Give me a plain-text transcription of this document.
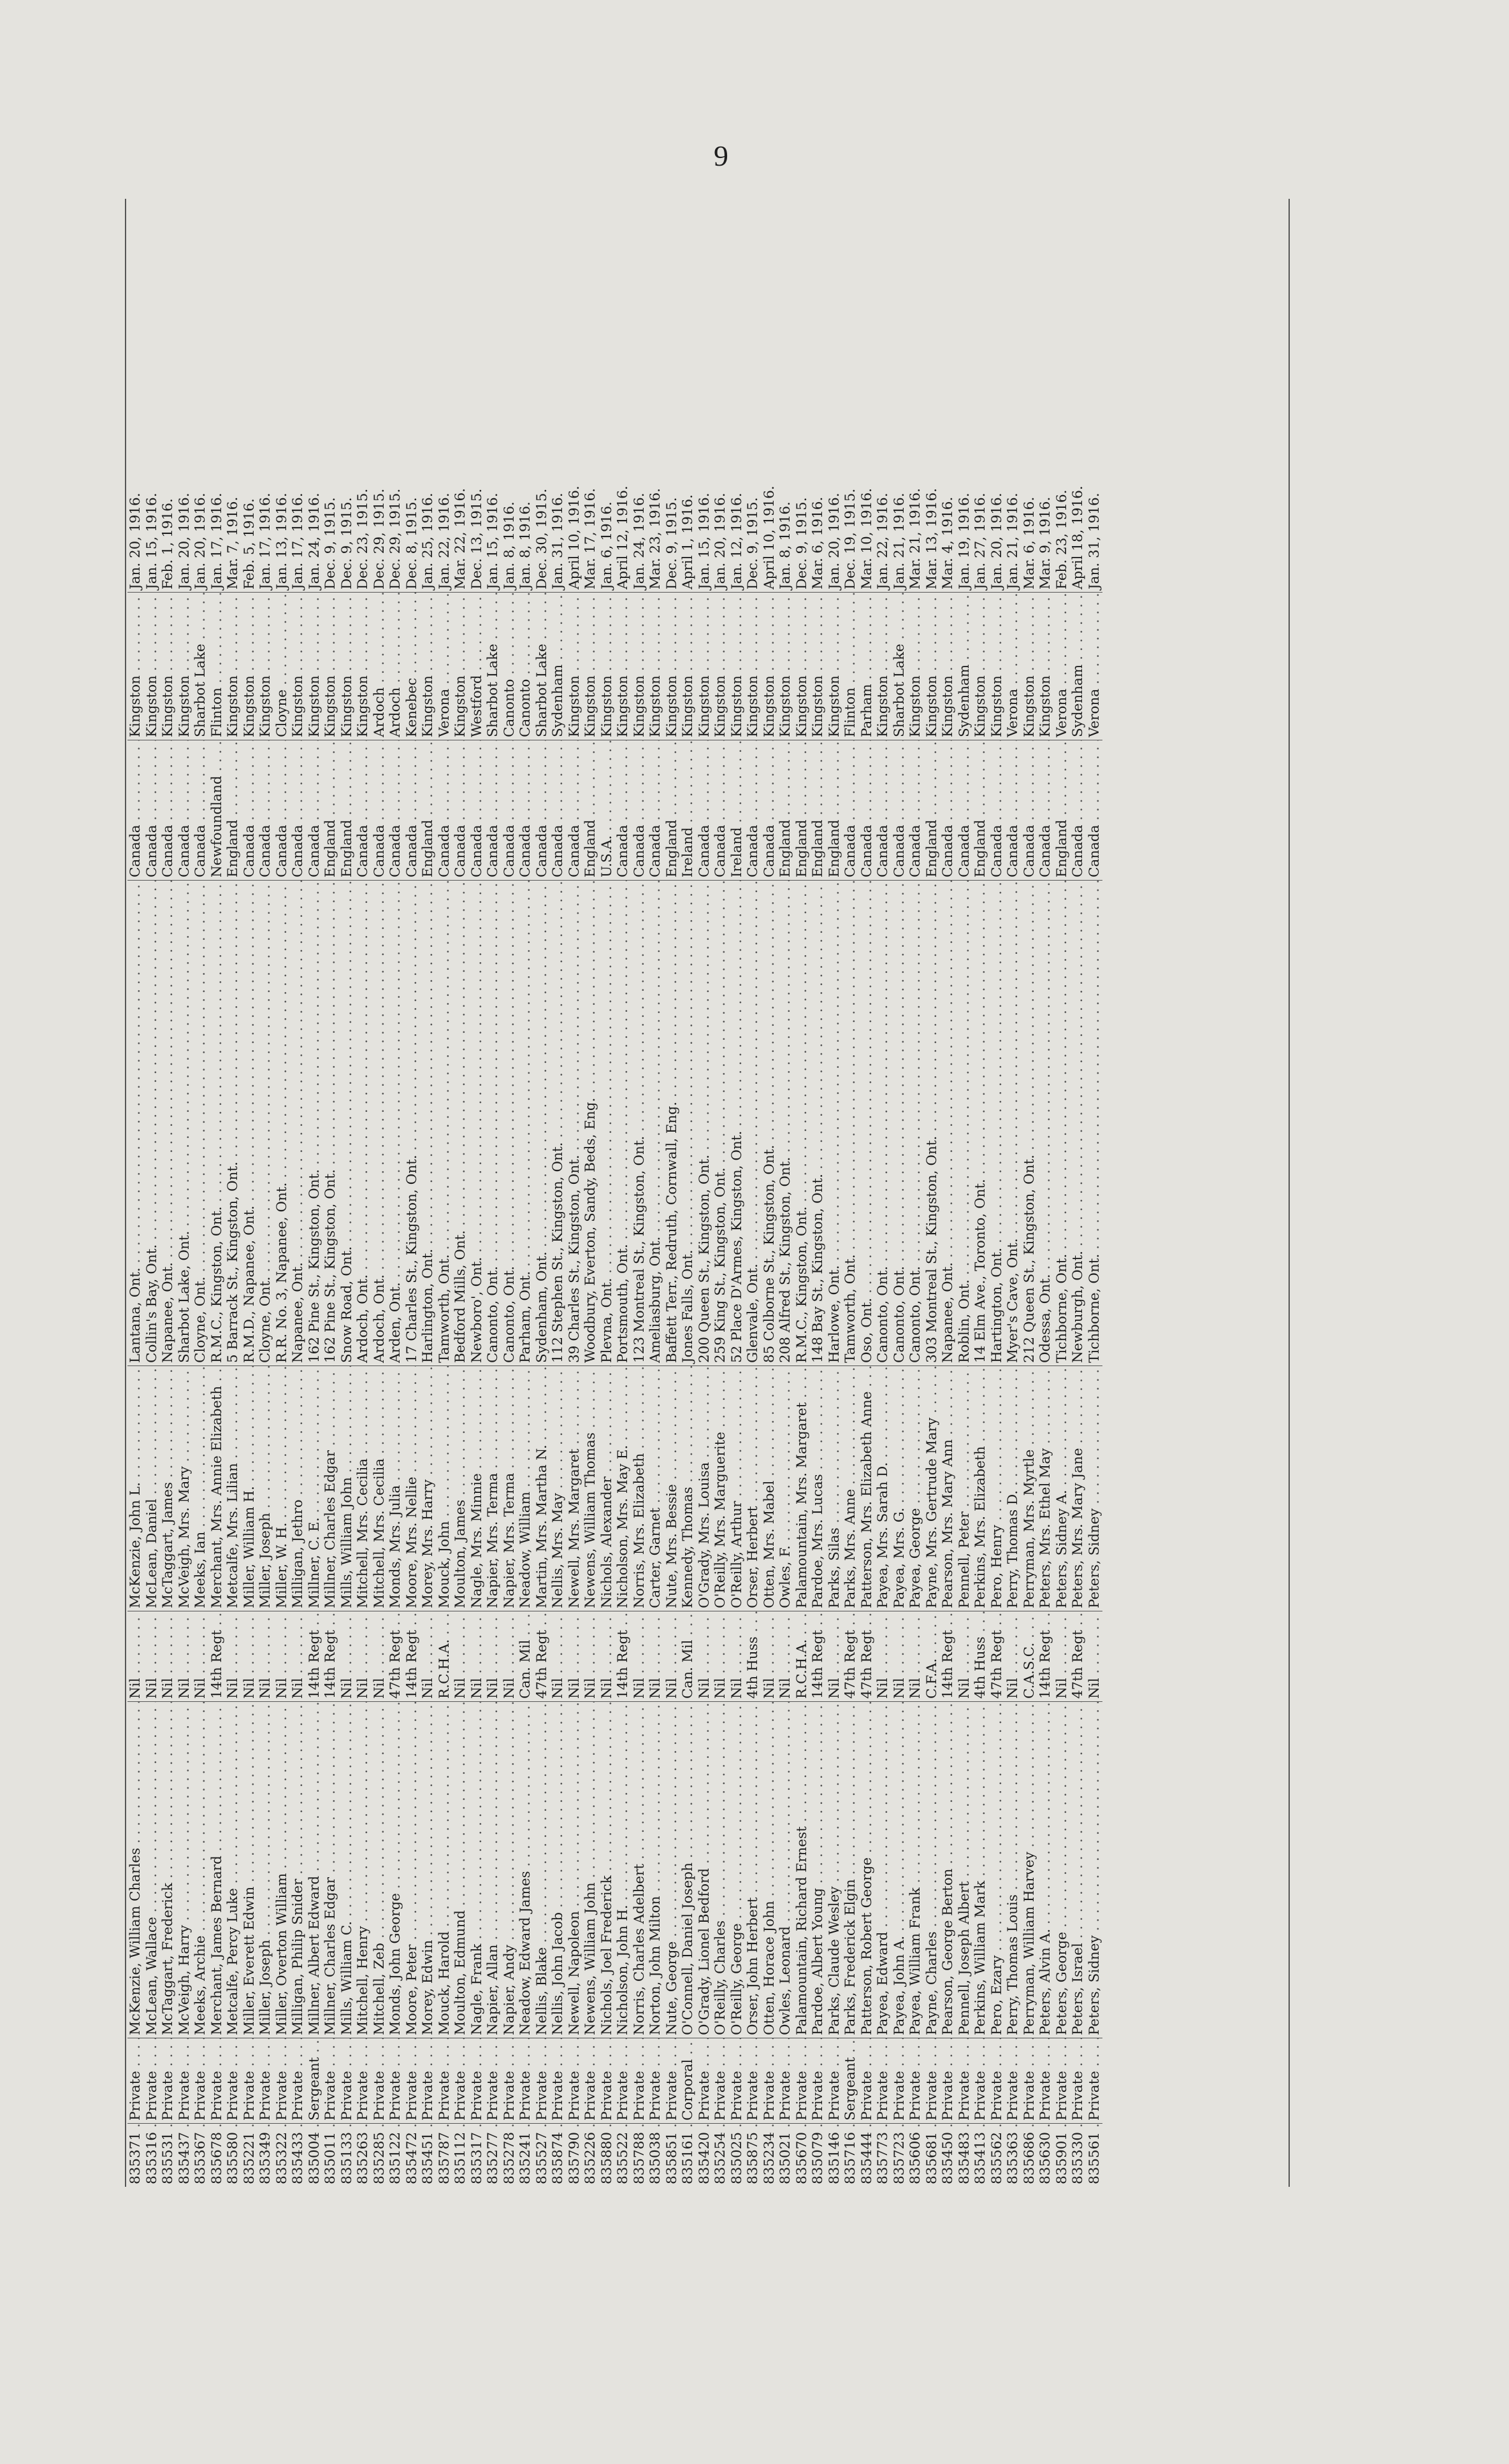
9
835371 . . .
Private . . .
McKenzie, William Charles . . .
Nil . . .
McKenzie, John L. . . .
Lantana, Ont. . . .
Canada . . .
Kingston . . .
Jan. 20, 1916.
835316 . . .
Private . . .
McLean, Wallace . . .
Nil . . .
McLean, Daniel . . .
Collin's Bay, Ont. . . .
Canada . . .
Kingston . . .
Jan. 15, 1916.
835531 . . .
Private . . .
McTaggart, Frederick . . .
Nil . . .
McTaggart, James . . .
Napanee, Ont. . . .
Canada . . .
Kingston . . .
Feb. 1, 1916.
835437 . . .
Private . . .
McVeigh, Harry . . .
Nil . . .
McVeigh, Mrs. Mary . . .
Sharbot Lake, Ont. . . .
Canada . . .
Kingston . . .
Jan. 20, 1916.
835367 . . .
Private . . .
Meeks, Archie . . .
Nil . . .
Meeks, Ian . . .
Cloyne, Ont. . . .
Canada . . .
Sharbot Lake . . .
Jan. 20, 1916.
835678 . . .
Private . . .
Merchant, James Bernard . . .
14th Regt . . .
Merchant, Mrs. Annie Elizabeth . . .
R.M.C., Kingston, Ont. . . .
Newfoundland . . .
Flinton . . .
Jan. 17, 1916.
835580 . . .
Private . . .
Metcalfe, Percy Luke . . .
Nil . . .
Metcalfe, Mrs. Lilian . . .
5 Barrack St., Kingston, Ont. . . .
England . . .
Kingston . . .
Mar. 7, 1916.
835221 . . .
Private . . .
Miller, Everett Edwin . . .
Nil . . .
Miller, William H. . . .
R.M.D., Napanee, Ont. . . .
Canada . . .
Kingston . . .
Feb. 5, 1916.
835349 . . .
Private . . .
Miller, Joseph . . .
Nil . . .
Miller, Joseph . . .
Cloyne, Ont. . . .
Canada . . .
Kingston . . .
Jan. 17, 1916.
835322 . . .
Private . . .
Miller, Overton William . . .
Nil . . .
Miller, W. H. . . .
R.R. No. 3, Napanee, Ont. . . .
Canada . . .
Cloyne . . .
Jan. 13, 1916.
835433 . . .
Private . . .
Milligan, Philip Snider . . .
Nil . . .
Milligan, Jethro . . .
Napanee, Ont. . . .
Canada . . .
Kingston . . .
Jan. 17, 1916.
835004 . . .
Sergeant . . .
Millner, Albert Edward . . .
14th Regt . . .
Millner, C. E. . . .
162 Pine St., Kingston, Ont. . . .
Canada . . .
Kingston . . .
Jan. 24, 1916.
835011 . . .
Private . . .
Millner, Charles Edgar . . .
14th Regt . . .
Millner, Charles Edgar . . .
162 Pine St., Kingston, Ont. . . .
England . . .
Kingston . . .
Dec. 9, 1915.
835133 . . .
Private . . .
Mills, William C. . . .
Nil . . .
Mills, William John . . .
Snow Road, Ont. . . .
England . . .
Kingston . . .
Dec. 9, 1915.
835263 . . .
Private . . .
Mitchell, Henry . . .
Nil . . .
Mitchell, Mrs. Cecilia . . .
Ardoch, Ont. . . .
Canada . . .
Kingston . . .
Dec. 23, 1915.
835285 . . .
Private . . .
Mitchell, Zeb . . .
Nil . . .
Mitchell, Mrs. Cecilia . . .
Ardoch, Ont. . . .
Canada . . .
Ardoch . . .
Dec. 29, 1915.
835122 . . .
Private . . .
Monds, John George . . .
47th Regt . . .
Monds, Mrs. Julia . . .
Arden, Ont. . . .
Canada . . .
Ardoch . . .
Dec. 29, 1915.
835472 . . .
Private . . .
Moore, Peter . . .
14th Regt . . .
Moore, Mrs. Nellie . . .
17 Charles St., Kingston, Ont. . . .
Canada . . .
Kenebec . . .
Dec. 8, 1915.
835451 . . .
Private . . .
Morey, Edwin . . .
Nil . . .
Morey, Mrs. Harry . . .
Harlington, Ont. . . .
England . . .
Kingston . . .
Jan. 25, 1916.
835787 . . .
Private . . .
Mouck, Harold . . .
R.C.H.A. . . .
Mouck, John . . .
Tamworth, Ont. . . .
Canada . . .
Verona . . .
Jan. 22, 1916.
835112 . . .
Private . . .
Moulton, Edmund . . .
Nil . . .
Moulton, James . . .
Bedford Mills, Ont. . . .
Canada . . .
Kingston . . .
Mar. 22, 1916.
835317 . . .
Private . . .
Nagle, Frank . . .
Nil . . .
Nagle, Mrs. Minnie . . .
Newboro', Ont. . . .
Canada . . .
Westford . . .
Dec. 13, 1915.
835277 . . .
Private . . .
Napier, Allan . . .
Nil . . .
Napier, Mrs. Terma . . .
Canonto, Ont. . . .
Canada . . .
Sharbot Lake . . .
Jan. 15, 1916.
835278 . . .
Private . . .
Napier, Andy . . .
Nil . . .
Napier, Mrs. Terma . . .
Canonto, Ont. . . .
Canada . . .
Canonto . . .
Jan. 8, 1916.
835241 . . .
Private . . .
Neadow, Edward James . . .
Can. Mil . . .
Neadow, William . . .
Parham, Ont. . . .
Canada . . .
Canonto . . .
Jan. 8, 1916.
835527 . . .
Private . . .
Nellis, Blake . . .
47th Regt . . .
Martin, Mrs. Martha N. . . .
Sydenham, Ont. . . .
Canada . . .
Sharbot Lake . . .
Dec. 30, 1915.
835874 . . .
Private . . .
Nellis, John Jacob . . .
Nil . . .
Nellis, Mrs. May . . .
112 Stephen St., Kingston, Ont. . . .
Canada . . .
Sydenham . . .
Jan. 31, 1916.
835790 . . .
Private . . .
Newell, Napoleon . . .
Nil . . .
Newell, Mrs. Margaret . . .
39 Charles St., Kingston, Ont. . . .
Canada . . .
Kingston . . .
April 10, 1916.
835226 . . .
Private . . .
Newens, William John . . .
Nil . . .
Newens, William Thomas . . .
Woodbury, Everton, Sandy, Beds, Eng. . . .
England . . .
Kingston . . .
Mar. 17, 1916.
835880 . . .
Private . . .
Nichols, Joel Frederick . . .
Nil . . .
Nichols, Alexander . . .
Plevna, Ont. . . .
U.S.A. . . .
Kingston . . .
Jan. 6, 1916.
835522 . . .
Private . . .
Nicholson, John H. . . .
14th Regt . . .
Nicholson, Mrs. May E. . . .
Portsmouth, Ont. . . .
Canada . . .
Kingston . . .
April 12, 1916.
835788 . . .
Private . . .
Norris, Charles Adelbert . . .
Nil . . .
Norris, Mrs. Elizabeth . . .
123 Montreal St., Kingston, Ont. . . .
Canada . . .
Kingston . . .
Jan. 24, 1916.
835038 . . .
Private . . .
Norton, John Milton . . .
Nil . . .
Carter, Garnet . . .
Ameliasburg, Ont. . . .
Canada . . .
Kingston . . .
Mar. 23, 1916.
835851 . . .
Private . . .
Nute, George . . .
Nil . . .
Nute, Mrs. Bessie . . .
Baffett Terr., Redruth, Cornwall, Eng. . . .
England . . .
Kingston . . .
Dec. 9, 1915.
835161 . . .
Corporal . . .
O'Connell, Daniel Joseph . . .
Can. Mil . . .
Kennedy, Thomas . . .
Jones Falls, Ont. . . .
Ireland . . .
Kingston . . .
April 1, 1916.
835420 . . .
Private . . .
O'Grady, Lionel Bedford . . .
Nil . . .
O'Grady, Mrs. Louisa . . .
200 Queen St., Kingston, Ont. . . .
Canada . . .
Kingston . . .
Jan. 15, 1916.
835254 . . .
Private . . .
O'Reilly, Charles . . .
Nil . . .
O'Reilly, Mrs. Marguerite . . .
259 King St., Kingston, Ont. . . .
Canada . . .
Kingston . . .
Jan. 20, 1916.
835025 . . .
Private . . .
O'Reilly, George . . .
Nil . . .
O'Reilly, Arthur . . .
52 Place D'Armes, Kingston, Ont. . . .
Ireland . . .
Kingston . . .
Jan. 12, 1916.
835875 . . .
Private . . .
Orser, John Herbert . . .
4th Huss . . .
Orser, Herbert . . .
Glenvale, Ont. . . .
Canada . . .
Kingston . . .
Dec. 9, 1915.
835234 . . .
Private . . .
Otten, Horace John . . .
Nil . . .
Otten, Mrs. Mabel . . .
85 Colborne St., Kingston, Ont. . . .
Canada . . .
Kingston . . .
April 10, 1916.
835021 . . .
Private . . .
Owles, Leonard . . .
Nil . . .
Owles, F. . . .
208 Alfred St., Kingston, Ont. . . .
England . . .
Kingston . . .
Jan. 8, 1916.
835670 . . .
Private . . .
Palamountain, Richard Ernest . . .
R.C.H.A. . . .
Palamountain, Mrs. Margaret . . .
R.M.C., Kingston, Ont. . . .
England . . .
Kingston . . .
Dec. 9, 1915.
835079 . . .
Private . . .
Pardoe, Albert Young . . .
14th Regt . . .
Pardoe, Mrs. Lucas . . .
148 Bay St., Kingston, Ont. . . .
England . . .
Kingston . . .
Mar. 6, 1916.
835146 . . .
Private . . .
Parks, Claude Wesley . . .
Nil . . .
Parks, Silas . . .
Harlowe, Ont. . . .
England . . .
Kingston . . .
Jan. 20, 1916.
835716 . . .
Sergeant . . .
Parks, Frederick Elgin . . .
47th Regt . . .
Parks, Mrs. Anne . . .
Tamworth, Ont. . . .
Canada . . .
Flinton . . .
Dec. 19, 1915.
835444 . . .
Private . . .
Patterson, Robert George . . .
47th Regt . . .
Patterson, Mrs. Elizabeth Anne . . .
Oso, Ont. . . .
Canada . . .
Parham . . .
Mar. 10, 1916.
835773 . . .
Private . . .
Payea, Edward . . .
Nil . . .
Payea, Mrs. Sarah D. . . .
Canonto, Ont. . . .
Canada . . .
Kingston . . .
Jan. 22, 1916.
835723 . . .
Private . . .
Payea, John A. . . .
Nil . . .
Payea, Mrs. G. . . .
Canonto, Ont. . . .
Canada . . .
Sharbot Lake . . .
Jan. 21, 1916.
835606 . . .
Private . . .
Payea, William Frank . . .
Nil . . .
Payea, George . . .
Canonto, Ont. . . .
Canada . . .
Kingston . . .
Mar. 21, 1916.
835681 . . .
Private . . .
Payne, Charles . . .
C.F.A. . . .
Payne, Mrs. Gertrude Mary . . .
303 Montreal St., Kingston, Ont. . . .
England . . .
Kingston . . .
Mar. 13, 1916.
835450 . . .
Private . . .
Pearson, George Berton . . .
14th Regt . . .
Pearson, Mrs. Mary Ann . . .
Napanee, Ont. . . .
Canada . . .
Kingston . . .
Mar. 4, 1916.
835483 . . .
Private . . .
Pennell, Joseph Albert . . .
Nil . . .
Pennell, Peter . . .
Roblin, Ont. . . .
Canada . . .
Sydenham . . .
Jan. 19, 1916.
835413 . . .
Private . . .
Perkins, William Mark . . .
4th Huss . . .
Perkins, Mrs. Elizabeth . . .
14 Elm Ave., Toronto, Ont. . . .
England . . .
Kingston . . .
Jan. 27, 1916.
835562 . . .
Private . . .
Pero, Ezary . . .
47th Regt . . .
Pero, Henry . . .
Hartington, Ont. . . .
Canada . . .
Kingston . . .
Jan. 20, 1916.
835363 . . .
Private . . .
Perry, Thomas Louis . . .
Nil . . .
Perry, Thomas D. . . .
Myer's Cave, Ont. . . .
Canada . . .
Verona . . .
Jan. 21, 1916.
835686 . . .
Private . . .
Perryman, William Harvey . . .
C.A.S.C. . . .
Perryman, Mrs. Myrtle . . .
212 Queen St., Kingston, Ont. . . .
Canada . . .
Kingston . . .
Mar. 6, 1916.
835630 . . .
Private . . .
Peters, Alvin A. . . .
14th Regt . . .
Peters, Mrs. Ethel May . . .
Odessa, Ont. . . .
Canada . . .
Kingston . . .
Mar. 9, 1916.
835901 . . .
Private . . .
Peters, George . . .
Nil . . .
Peters, Sidney A. . . .
Tichborne, Ont. . . .
England . . .
Verona . . .
Feb. 23, 1916.
835330 . . .
Private . . .
Peters, Israel . . .
47th Regt . . .
Peters, Mrs. Mary Jane . . .
Newburgh, Ont. . . .
Canada . . .
Sydenham . . .
April 18, 1916.
835561 . . .
Private . . .
Peters, Sidney . . .
Nil . . .
Peters, Sidney . . .
Tichborne, Ont. . . .
Canada . . .
Verona . . .
Jan. 31, 1916.
